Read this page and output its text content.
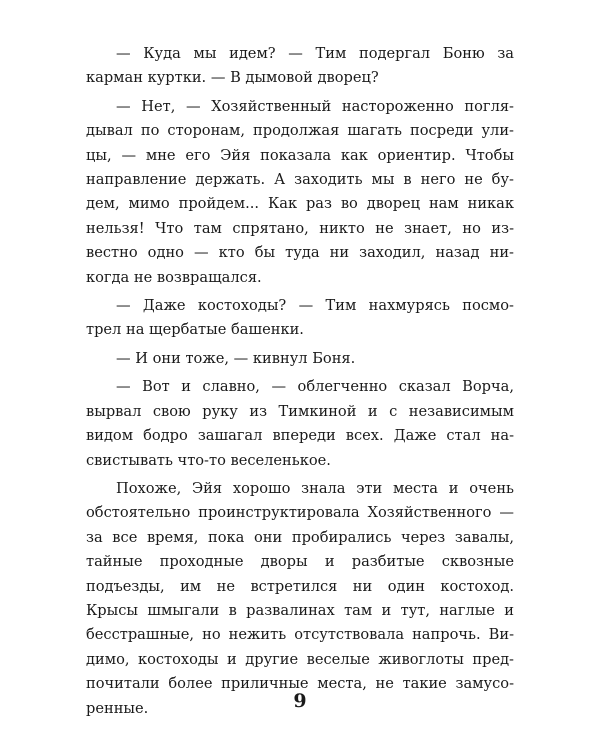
— Куда мы идем? — Тим подергал Боню за
карман куртки. — В дымовой дворец?
— Нет, — Хозяйственный настороженно погля-
дывал по сторонам, продолжая шагать посреди ули-
цы, — мне его Эйя показала как ориентир. Чтобы
направление держать. А заходить мы в него не бу-
дем, мимо пройдем... Как раз во дворец нам никак
нельзя! Что там спрятано, никто не знает, но из-
вестно одно — кто бы туда ни заходил, назад ни-
когда не возвращался.
— Даже костоходы? — Тим нахмурясь посмо-
трел на щербатые башенки.
— И они тоже, — кивнул Боня.
— Вот и славно, — облегченно сказал Ворча,
вырвал свою руку из Тимкиной и с независимым
видом бодро зашагал впереди всех. Даже стал на-
свистывать что-то веселенькое.
Похоже, Эйя хорошо знала эти места и очень
обстоятельно проинструктировала Хозяйственного —
за все время, пока они пробирались через завалы,
тайные проходные дворы и разбитые сквозные
подъезды, им не встретился ни один костоход.
Крысы шмыгали в развалинах там и тут, наглые и
бесстрашные, но нежить отсутствовала напрочь. Ви-
димо, костоходы и другие веселые живоглоты пред-
почитали более приличные места, не такие замусо-
ренные.	9
